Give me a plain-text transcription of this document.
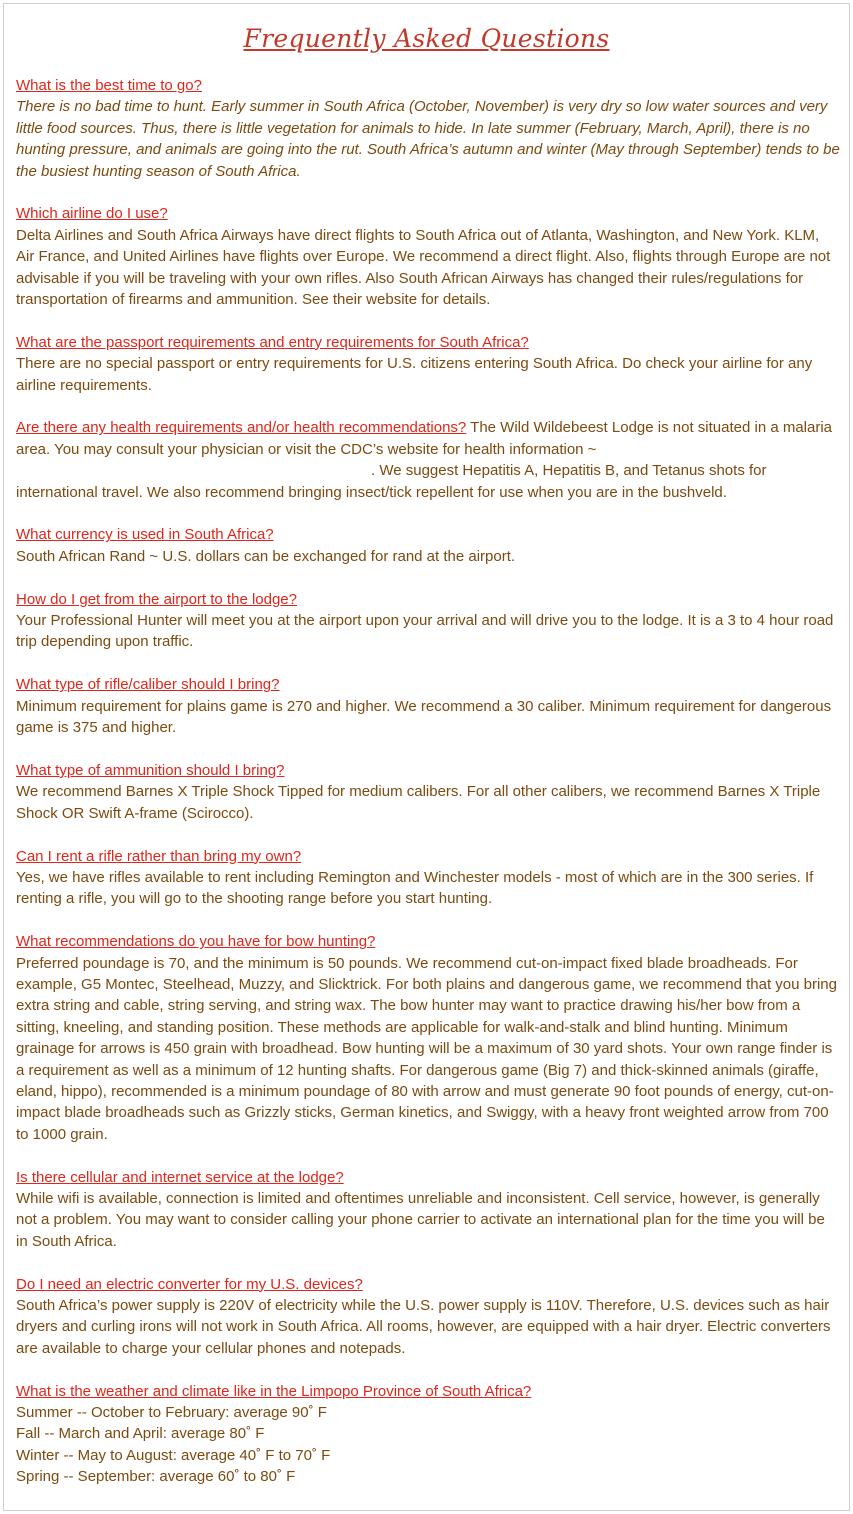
Frequently Asked Questions
What is the best time to go?
There is no bad time to hunt. Early summer in South Africa (October, November) is very dry so low water sources and very little food sources. Thus, there is little vegetation for animals to hide. In late summer (February, March, April), there is no hunting pressure, and animals are going into the rut. South Africa’s autumn and winter (May through September) tends to be the busiest hunting season of South Africa.
Which airline do I use?
Delta Airlines and South Africa Airways have direct flights to South Africa out of Atlanta, Washington, and New York. KLM, Air France, and United Airlines have flights over Europe. We recommend a direct flight. Also, flights through Europe are not advisable if you will be traveling with your own rifles. Also South African Airways has changed their rules/regulations for transportation of firearms and ammunition. See their website for details.
What are the passport requirements and entry requirements for South Africa?
There are no special passport or entry requirements for U.S. citizens entering South Africa. Do check your airline for any airline requirements.
Are there any health requirements and/or health recommendations? The Wild Wildebeest Lodge is not situated in a malaria area. You may consult your physician or visit the CDC’s website for health information ~
. We suggest Hepatitis A, Hepatitis B, and Tetanus shots for international travel. We also recommend bringing insect/tick repellent for use when you are in the bushveld.
What currency is used in South Africa?
South African Rand ~ U.S. dollars can be exchanged for rand at the airport.
How do I get from the airport to the lodge?
Your Professional Hunter will meet you at the airport upon your arrival and will drive you to the lodge. It is a 3 to 4 hour road trip depending upon traffic.
What type of rifle/caliber should I bring?
Minimum requirement for plains game is 270 and higher. We recommend a 30 caliber. Minimum requirement for dangerous game is 375 and higher.
What type of ammunition should I bring?
We recommend Barnes X Triple Shock Tipped for medium calibers. For all other calibers, we recommend Barnes X Triple Shock OR Swift A-frame (Scirocco).
Can I rent a rifle rather than bring my own?
Yes, we have rifles available to rent including Remington and Winchester models - most of which are in the 300 series. If renting a rifle, you will go to the shooting range before you start hunting.
What recommendations do you have for bow hunting?
Preferred poundage is 70, and the minimum is 50 pounds. We recommend cut-on-impact fixed blade broadheads. For example, G5 Montec, Steelhead, Muzzy, and Slicktrick. For both plains and dangerous game, we recommend that you bring extra string and cable, string serving, and string wax. The bow hunter may want to practice drawing his/her bow from a sitting, kneeling, and standing position. These methods are applicable for walk-and-stalk and blind hunting. Minimum grainage for arrows is 450 grain with broadhead. Bow hunting will be a maximum of 30 yard shots. Your own range finder is a requirement as well as a minimum of 12 hunting shafts. For dangerous game (Big 7) and thick-skinned animals (giraffe, eland, hippo), recommended is a minimum poundage of 80 with arrow and must generate 90 foot pounds of energy, cut-on-impact blade broadheads such as Grizzly sticks, German kinetics, and Swiggy, with a heavy front weighted arrow from 700 to 1000 grain.
Is there cellular and internet service at the lodge?
While wifi is available, connection is limited and oftentimes unreliable and inconsistent. Cell service, however, is generally not a problem. You may want to consider calling your phone carrier to activate an international plan for the time you will be in South Africa.
Do I need an electric converter for my U.S. devices?
South Africa’s power supply is 220V of electricity while the U.S. power supply is 110V. Therefore, U.S. devices such as hair dryers and curling irons will not work in South Africa. All rooms, however, are equipped with a hair dryer. Electric converters are available to charge your cellular phones and notepads.
What is the weather and climate like in the Limpopo Province of South Africa?
Summer -- October to February: average 90˚ F
Fall -- March and April: average 80˚ F
Winter -- May to August: average 40˚ F to 70˚ F
Spring -- September: average 60˚ to 80˚ F
